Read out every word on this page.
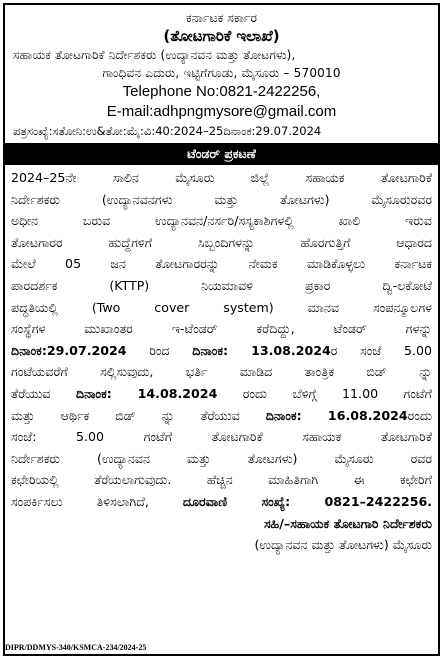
ಕರ್ನಾಟಕ ಸರ್ಕಾರ
(ತೋಟಗಾರಿಕೆ ಇಲಾಖೆ)
ಸಹಾಯಕ ತೋಟಗಾರಿಕೆ ನಿರ್ದೇಶಕರು (ಉದ್ಯಾನವನ ಮತ್ತು ತೋಟಗಳು),
ಗಾಂಧಿವನ ಎದುರು, ಇಟ್ಟಿಗೆಗೂಡು, ಮೈಸೂರು – 570010
Telephone No:0821-2422256,
E-mail:adhpngmysore@gmail.com
ಪತ್ರಸಂಖ್ಯೆ:ಸತೋನಿ:ಉ&ತೋ:ಮೈ:ವಿ:40:2024–25ದಿನಾಂಕ:29.07.2024
ಟೆಂಡರ್ ಪ್ರಕಟಣೆ
2024–25ನೇ ಸಾಲಿನ ಮೈಸೂರು ಜಿಲ್ಲೆ ಸಹಾಯಕ ತೋಟಗಾರಿಕೆ
ನಿರ್ದೇಶಕರು (ಉದ್ಯಾನವನಗಳು ಮತ್ತು ತೋಟಗಳು) ಮೈಸೂರುರವರ
ಅಧೀನ ಬರುವ ಉದ್ಯಾನವನ/ನರ್ಸರಿ/ಸಸ್ಯಕಾಶಿಗಳಲ್ಲಿ ಖಾಲಿ ಇರುವ
ತೋಟಗಾರರ ಹುದ್ದೆಗಳಿಗೆ ಸಿಬ್ಬಂದಿಗಳನ್ನು ಹೊರಗುತ್ತಿಗೆ ಆಧಾರದ
ಮೇಲೆ 05 ಜನ ತೋಟಗಾರರನ್ನು ನೇಮಕ ಮಾಡಿಕೊಳ್ಳಲು ಕರ್ನಾಟಕ
ಪಾರದರ್ಶಕ (KTTP) ನಿಯಮಾವಳಿ ಪ್ರಕಾರ ದ್ವಿ-ಲಕೋಟೆ
ಪದ್ಧತಿಯಲ್ಲಿ (Two cover system) ಮಾನವ ಸಂಪನ್ಮೂಲಗಳ
ಸಂಸ್ಥೆಗಳ ಮುಖಾಂತರ ಇ-ಟೆಂಡರ್ ಕರೆದಿದ್ದು, ಟೆಂಡರ್ ಗಳನ್ನು
ದಿನಾಂಕ:29.07.2024 ರಿಂದ ದಿನಾಂಕ: 13.08.2024ರ ಸಂಜೆ 5.00
ಗಂಟೆಯವರೆಗೆ ಸಲ್ಲಿಸುವುದು, ಭರ್ತಿ ಮಾಡಿದ ತಾಂತ್ರಿಕ ಬಿಡ್ ನ್ನು
ತೆರೆಯುವ ದಿನಾಂಕ: 14.08.2024 ರಂದು ಬೆಳಿಗ್ಗೆ 11.00 ಗಂಟೆಗೆ
ಮತ್ತು ಆರ್ಥಿಕ ಬಿಡ್ ನ್ನು ತೆರೆಯುವ ದಿನಾಂಕ: 16.08.2024ರಂದು
ಸಂಜೆ: 5.00 ಗಂಟೆಗೆ ತೋಟಗಾರಿಕೆ ಸಹಾಯಕ ತೋಟಗಾರಿಕೆ
ನಿರ್ದೇಶಕರು (ಉದ್ಯಾನವನ ಮತ್ತು ತೋಟಗಳು) ಮೈಸೂರು ರವರ
ಕಛೇರಿಯಲ್ಲಿ ತೆರೆಯಲಾಗುವುದು. ಹೆಚ್ಚಿನ ಮಾಹಿತಿಗಾಗಿ ಈ ಕಛೇರಿಗೆ
ಸಂಪರ್ಕಿಸಲು ತಿಳಿಸಲಾಗಿದೆ, ದೂರವಾಣಿ ಸಂಖ್ಯೆ: 0821–2422256.
ಸಹಿ/–ಸಹಾಯಕ ತೋಟಗಾರಿ ನಿರ್ದೇಶಕರು
(ಉದ್ಯಾನವನ ಮತ್ತು ತೋಟಗಳು) ಮೈಸೂರು
DIPR/DDMYS-340/KSMCA-234/2024-25
